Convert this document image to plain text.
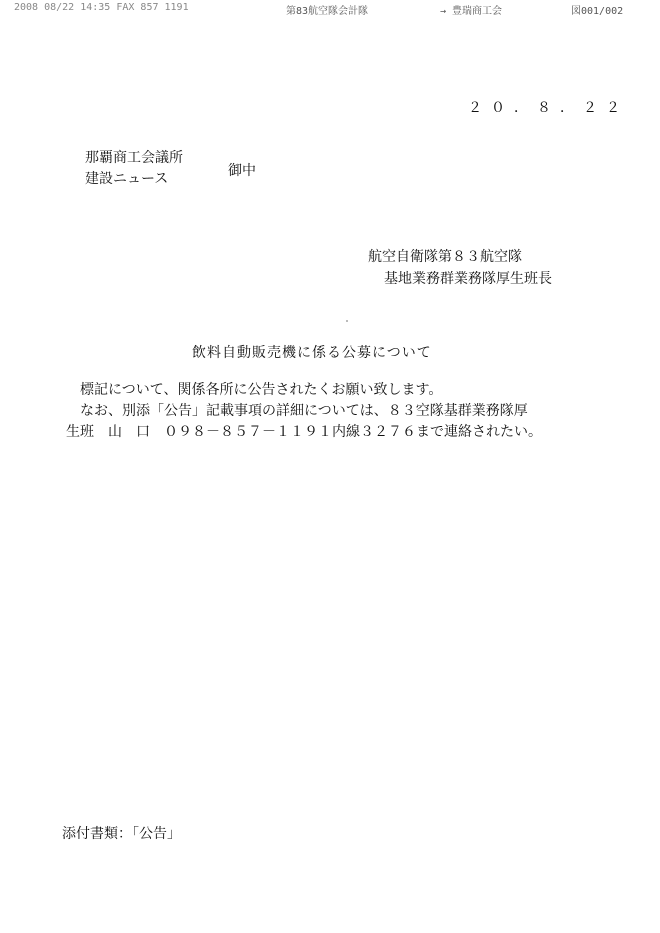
2008 08/22 14:35 FAX 857 1191	第83航空隊会計隊	→ 豊瑞商工会	図001/002
２０．８．２２
那覇商工会議所
建設ニュース	御中
航空自衛隊第８３航空隊
基地業務群業務隊厚生班長
飲料自動販売機に係る公募について

標記について、関係各所に公告されたくお願い致します。

なお、別添「公告」記載事項の詳細については、８３空隊基群業務隊厚

生班　山　口　０９８－８５７－１１９１内線３２７６まで連絡されたい。

添付書類：「公告」
